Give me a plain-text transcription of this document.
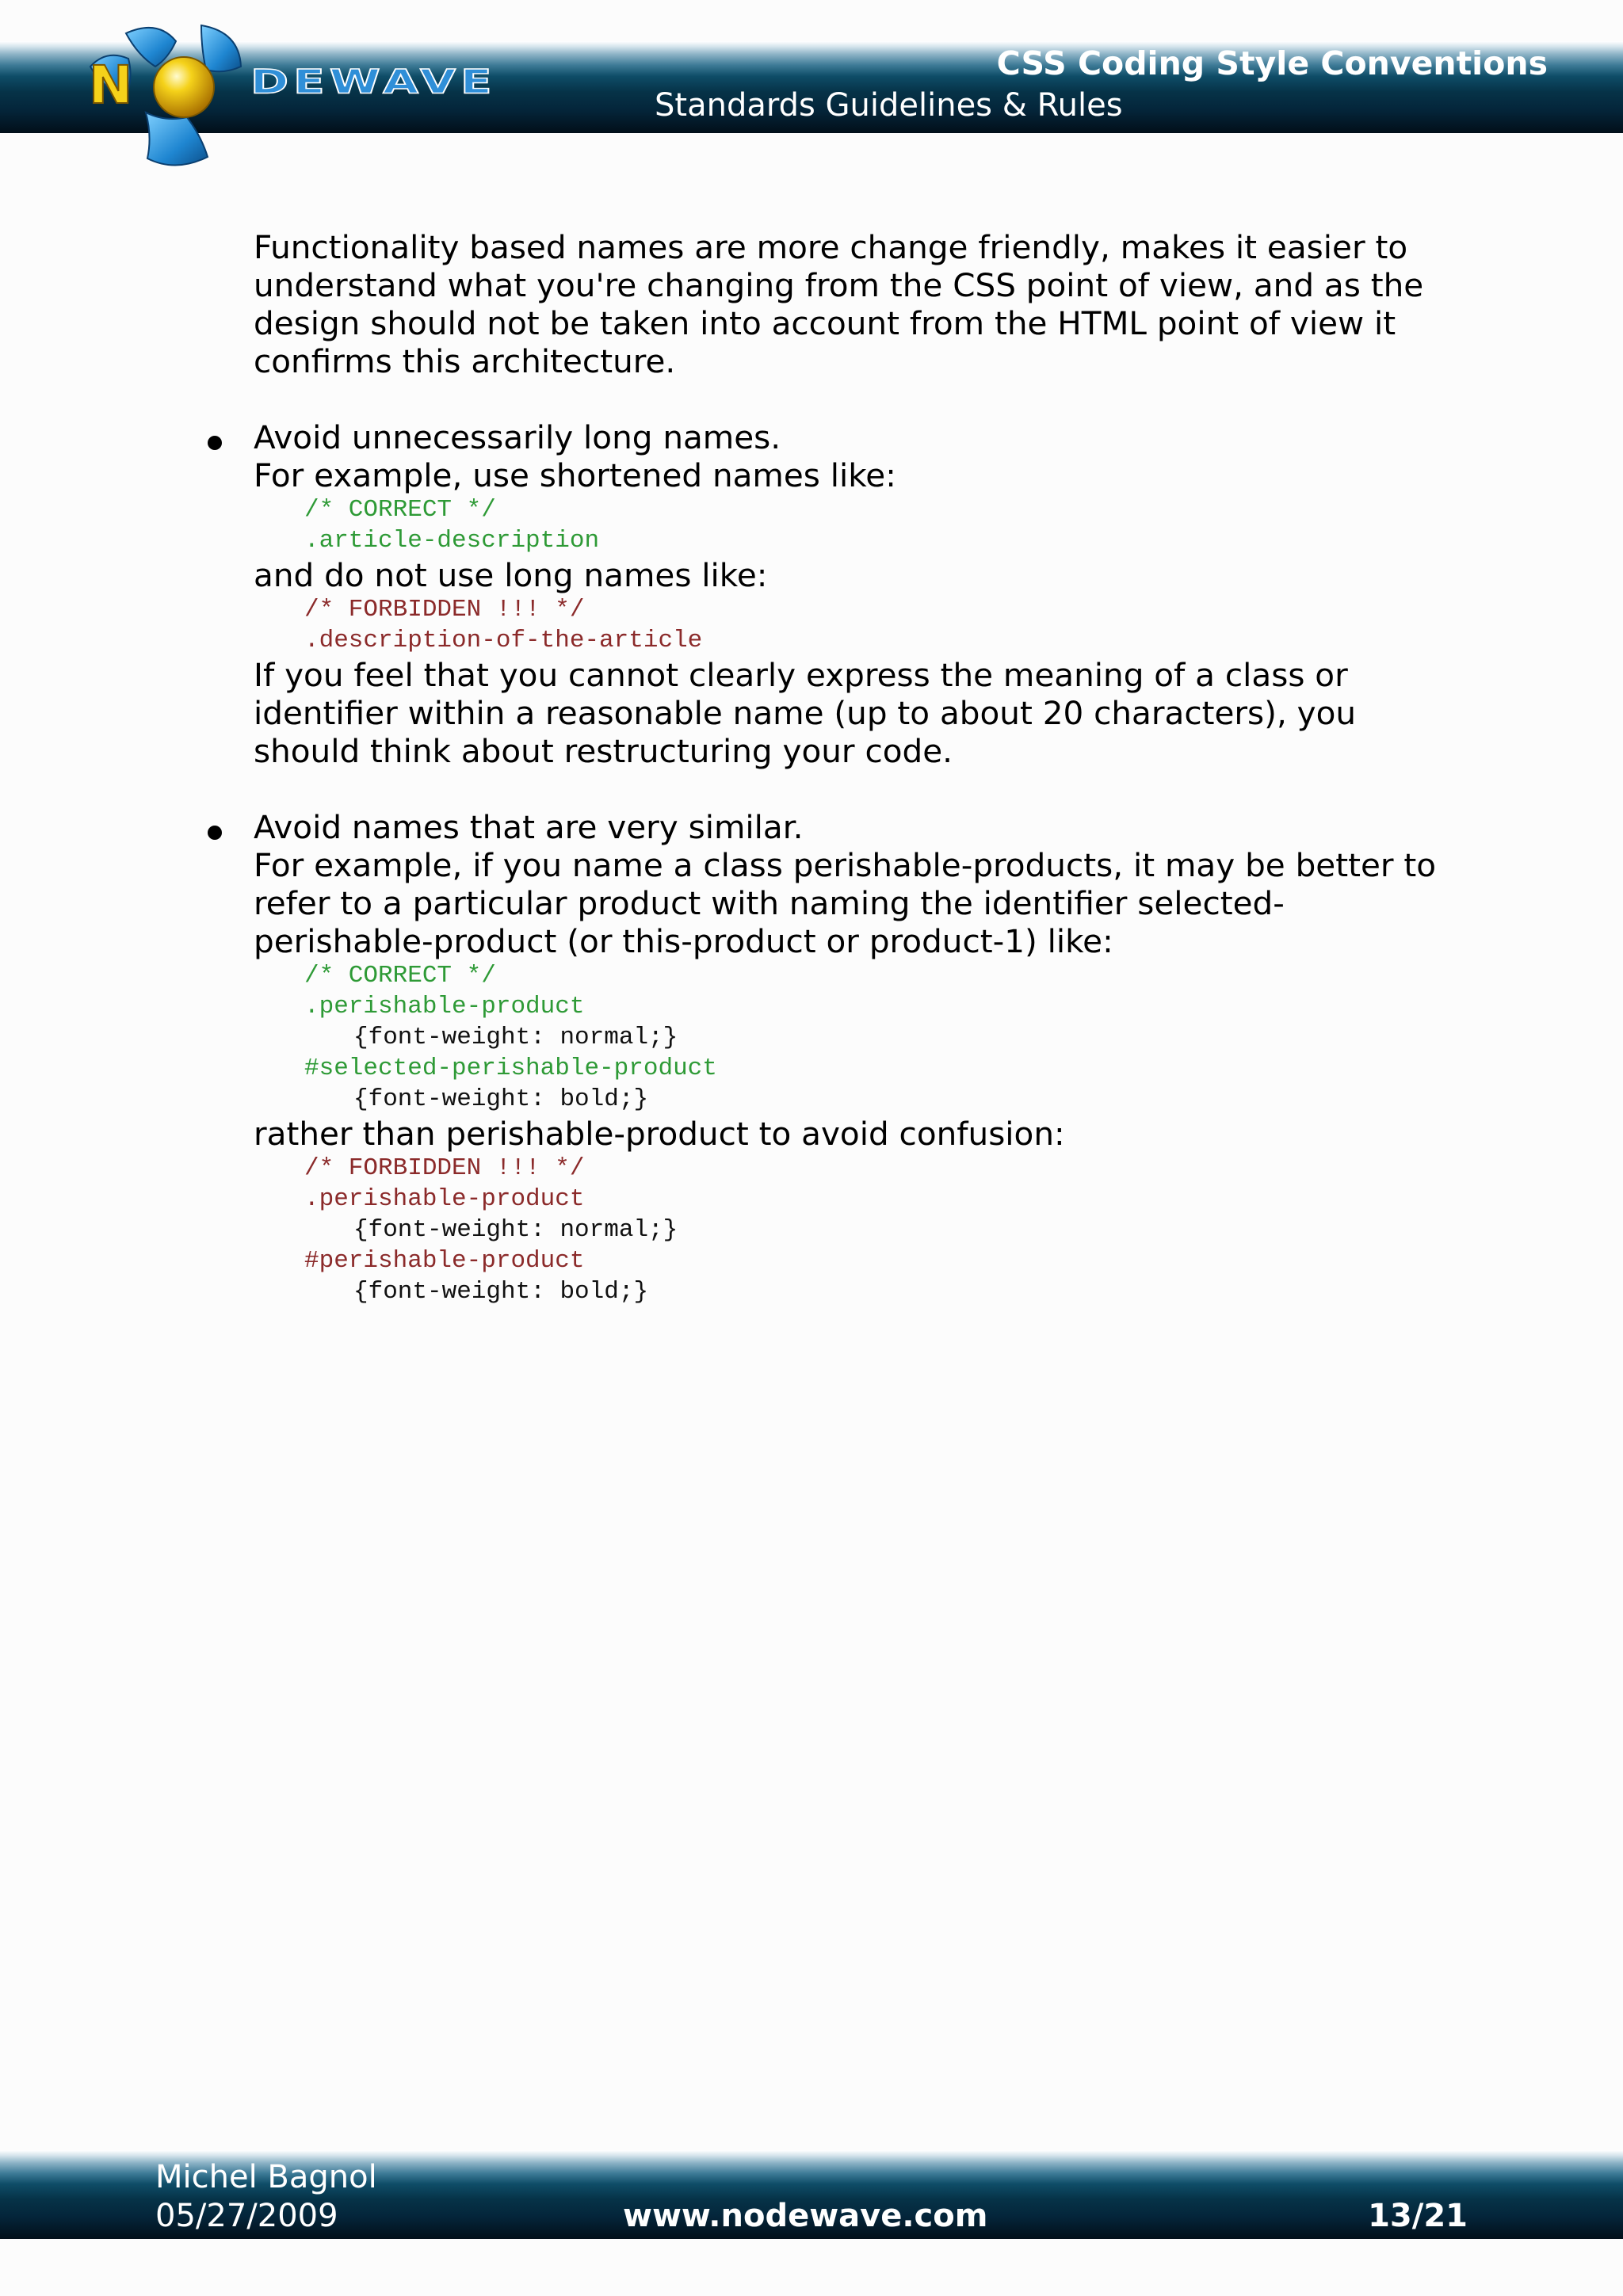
N	DEWAVE	CSS Coding Style Conventions
Standards Guidelines & Rules

Functionality based names are more change friendly, makes it easier to

understand what you're changing from the CSS point of view, and as the

design should not be taken into account from the HTML point of view it

confirms this architecture.

Avoid unnecessarily long names.

For example, use shortened names like:

/* CORRECT */
.article-description

and do not use long names like:

/* FORBIDDEN !!! */
.description-of-the-article

If you feel that you cannot clearly express the meaning of a class or

identifier within a reasonable name (up to about 20 characters), you

should think about restructuring your code.

Avoid names that are very similar.

For example, if you name a class perishable-products, it may be better to

refer to a particular product with naming the identifier selected-

perishable-product (or this-product or product-1) like:

/* CORRECT */
.perishable-product
{font-weight: normal;}
#selected-perishable-product
{font-weight: bold;}

rather than perishable-product to avoid confusion:

/* FORBIDDEN !!! */
.perishable-product
{font-weight: normal;}
#perishable-product
{font-weight: bold;}
Michel Bagnol
05/27/2009	www.nodewave.com	13/21
